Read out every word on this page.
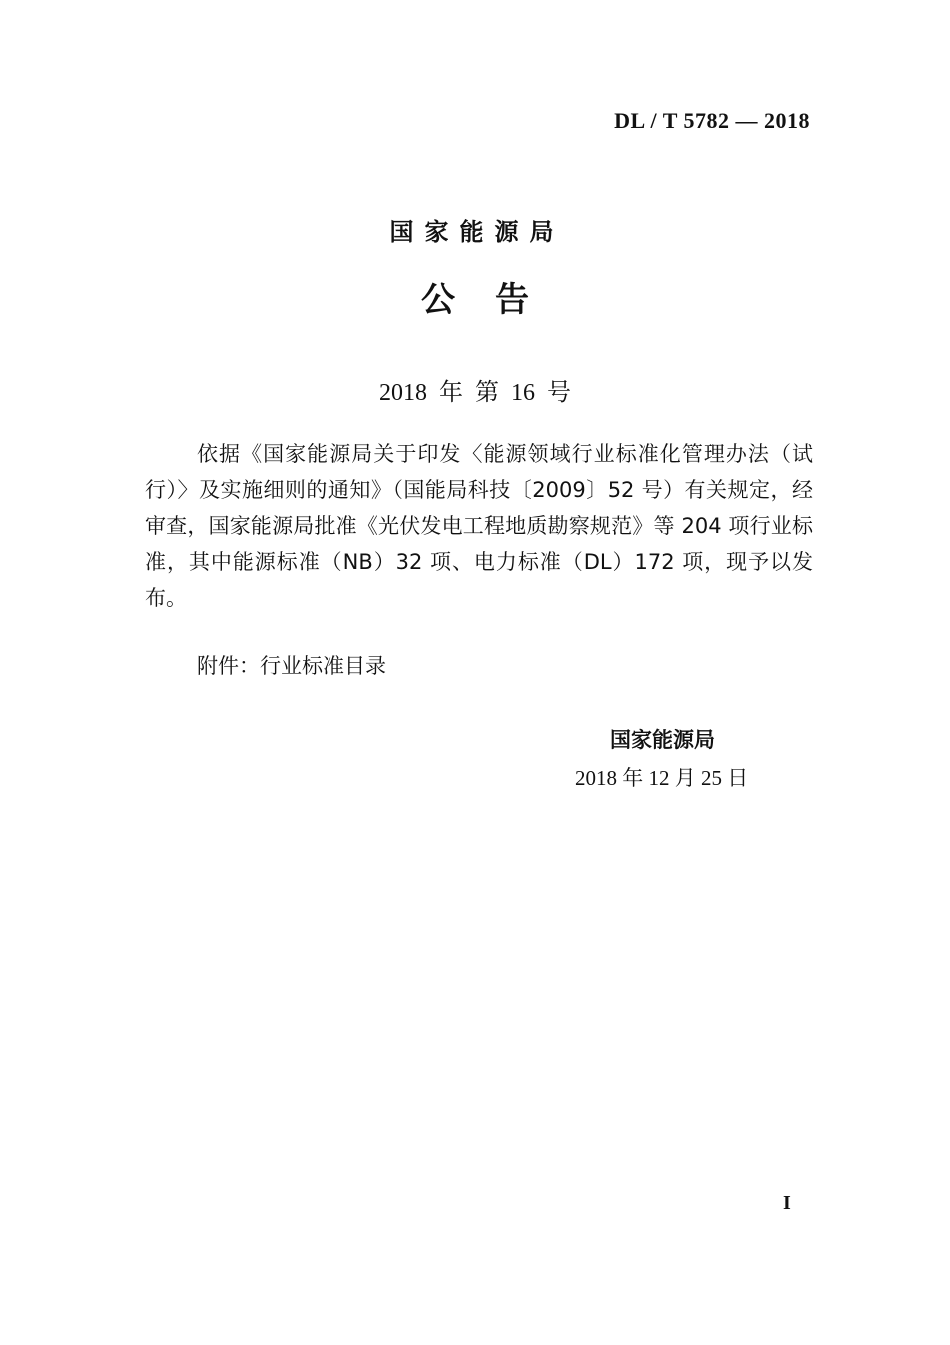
DL / T 5782 — 2018
国家能源局
公告
2018 年 第 16 号

依据《国家能源局关于印发〈能源领域行业标准化管理办法（试行）〉及实施细则的通知》（国能局科技〔2009〕52 号）有关规定，经审查，国家能源局批准《光伏发电工程地质勘察规范》等 204 项行业标准，其中能源标准（NB）32 项、电力标准（DL）172 项，现予以发布。

附件：行业标准目录
国家能源局
2018 年 12 月 25 日
I
